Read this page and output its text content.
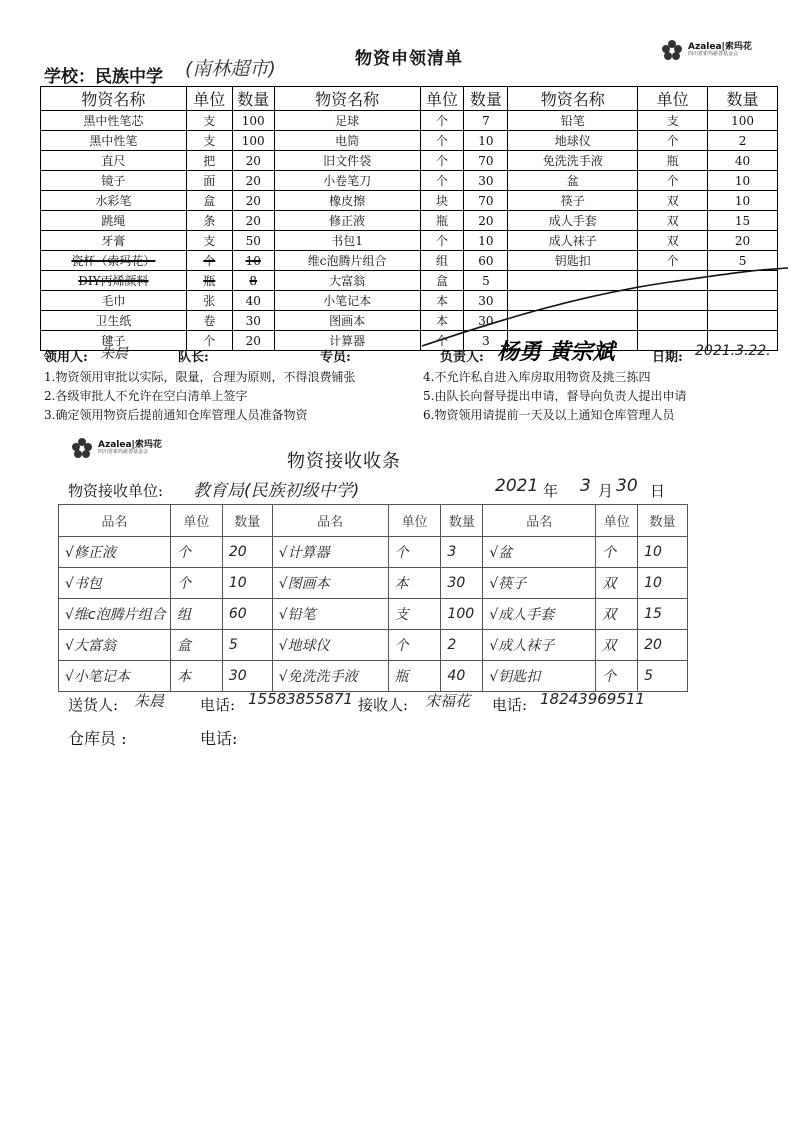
物资申领清单
Azalea|索玛花
四川省索玛慈善基金会
学校：民族中学 (南林超市)
物资名称	单位	数量	物资名称	单位	数量	物资名称	单位	数量
黑中性笔芯	支	100	足球	个	7	铅笔	支	100
黑中性笔	支	100	电筒	个	10	地球仪	个	2
直尺	把	20	旧文件袋	个	70	免洗洗手液	瓶	40
镜子	面	20	小卷笔刀	个	30	盆	个	10
水彩笔	盒	20	橡皮擦	块	70	筷子	双	10
跳绳	条	20	修正液	瓶	20	成人手套	双	15
牙膏	支	50	书包1	个	10	成人袜子	双	20
瓷杯（索玛花）	个	10	维c泡腾片组合	组	60	钥匙扣	个	5
DIY丙烯颜料	瓶	8	大富翁	盒	5			
毛巾	张	40	小笔记本	本	30			
卫生纸	卷	30	图画本	本	30			
毽子	个	20	计算器	个	3			
领用人: 朱晨	队长:	专员:	负责人: 杨勇 黄宗斌	日期: 2021.3.22.
1.物资领用审批以实际，限量，合理为原则，不得浪费铺张
2.各级审批人不允许在空白清单上签字
3.确定领用物资后提前通知仓库管理人员准备物资
4.不允许私自进入库房取用物资及挑三拣四
5.由队长向督导提出申请，督导向负责人提出申请
6.物资领用请提前一天及以上通知仓库管理人员
Azalea|索玛花
四川省索玛慈善基金会	物资接收收条
物资接收单位: 教育局(民族初级中学)	2021 年 3 月 30 日
品名	单位	数量	品名	单位	数量	品名	单位	数量
√修正液	个	20	√计算器	个	3	√盆	个	10
√书包	个	10	√图画本	本	30	√筷子	双	10
√维c泡腾片组合	组	60	√铅笔	支	100	√成人手套	双	15
√大富翁	盒	5	√地球仪	个	2	√成人袜子	双	20
√小笔记本	本	30	√免洗洗手液	瓶	40	√钥匙扣	个	5
送货人: 朱晨 电话: 15583855871 接收人: 宋福花 电话: 18243969511
仓库员 :	电话:
